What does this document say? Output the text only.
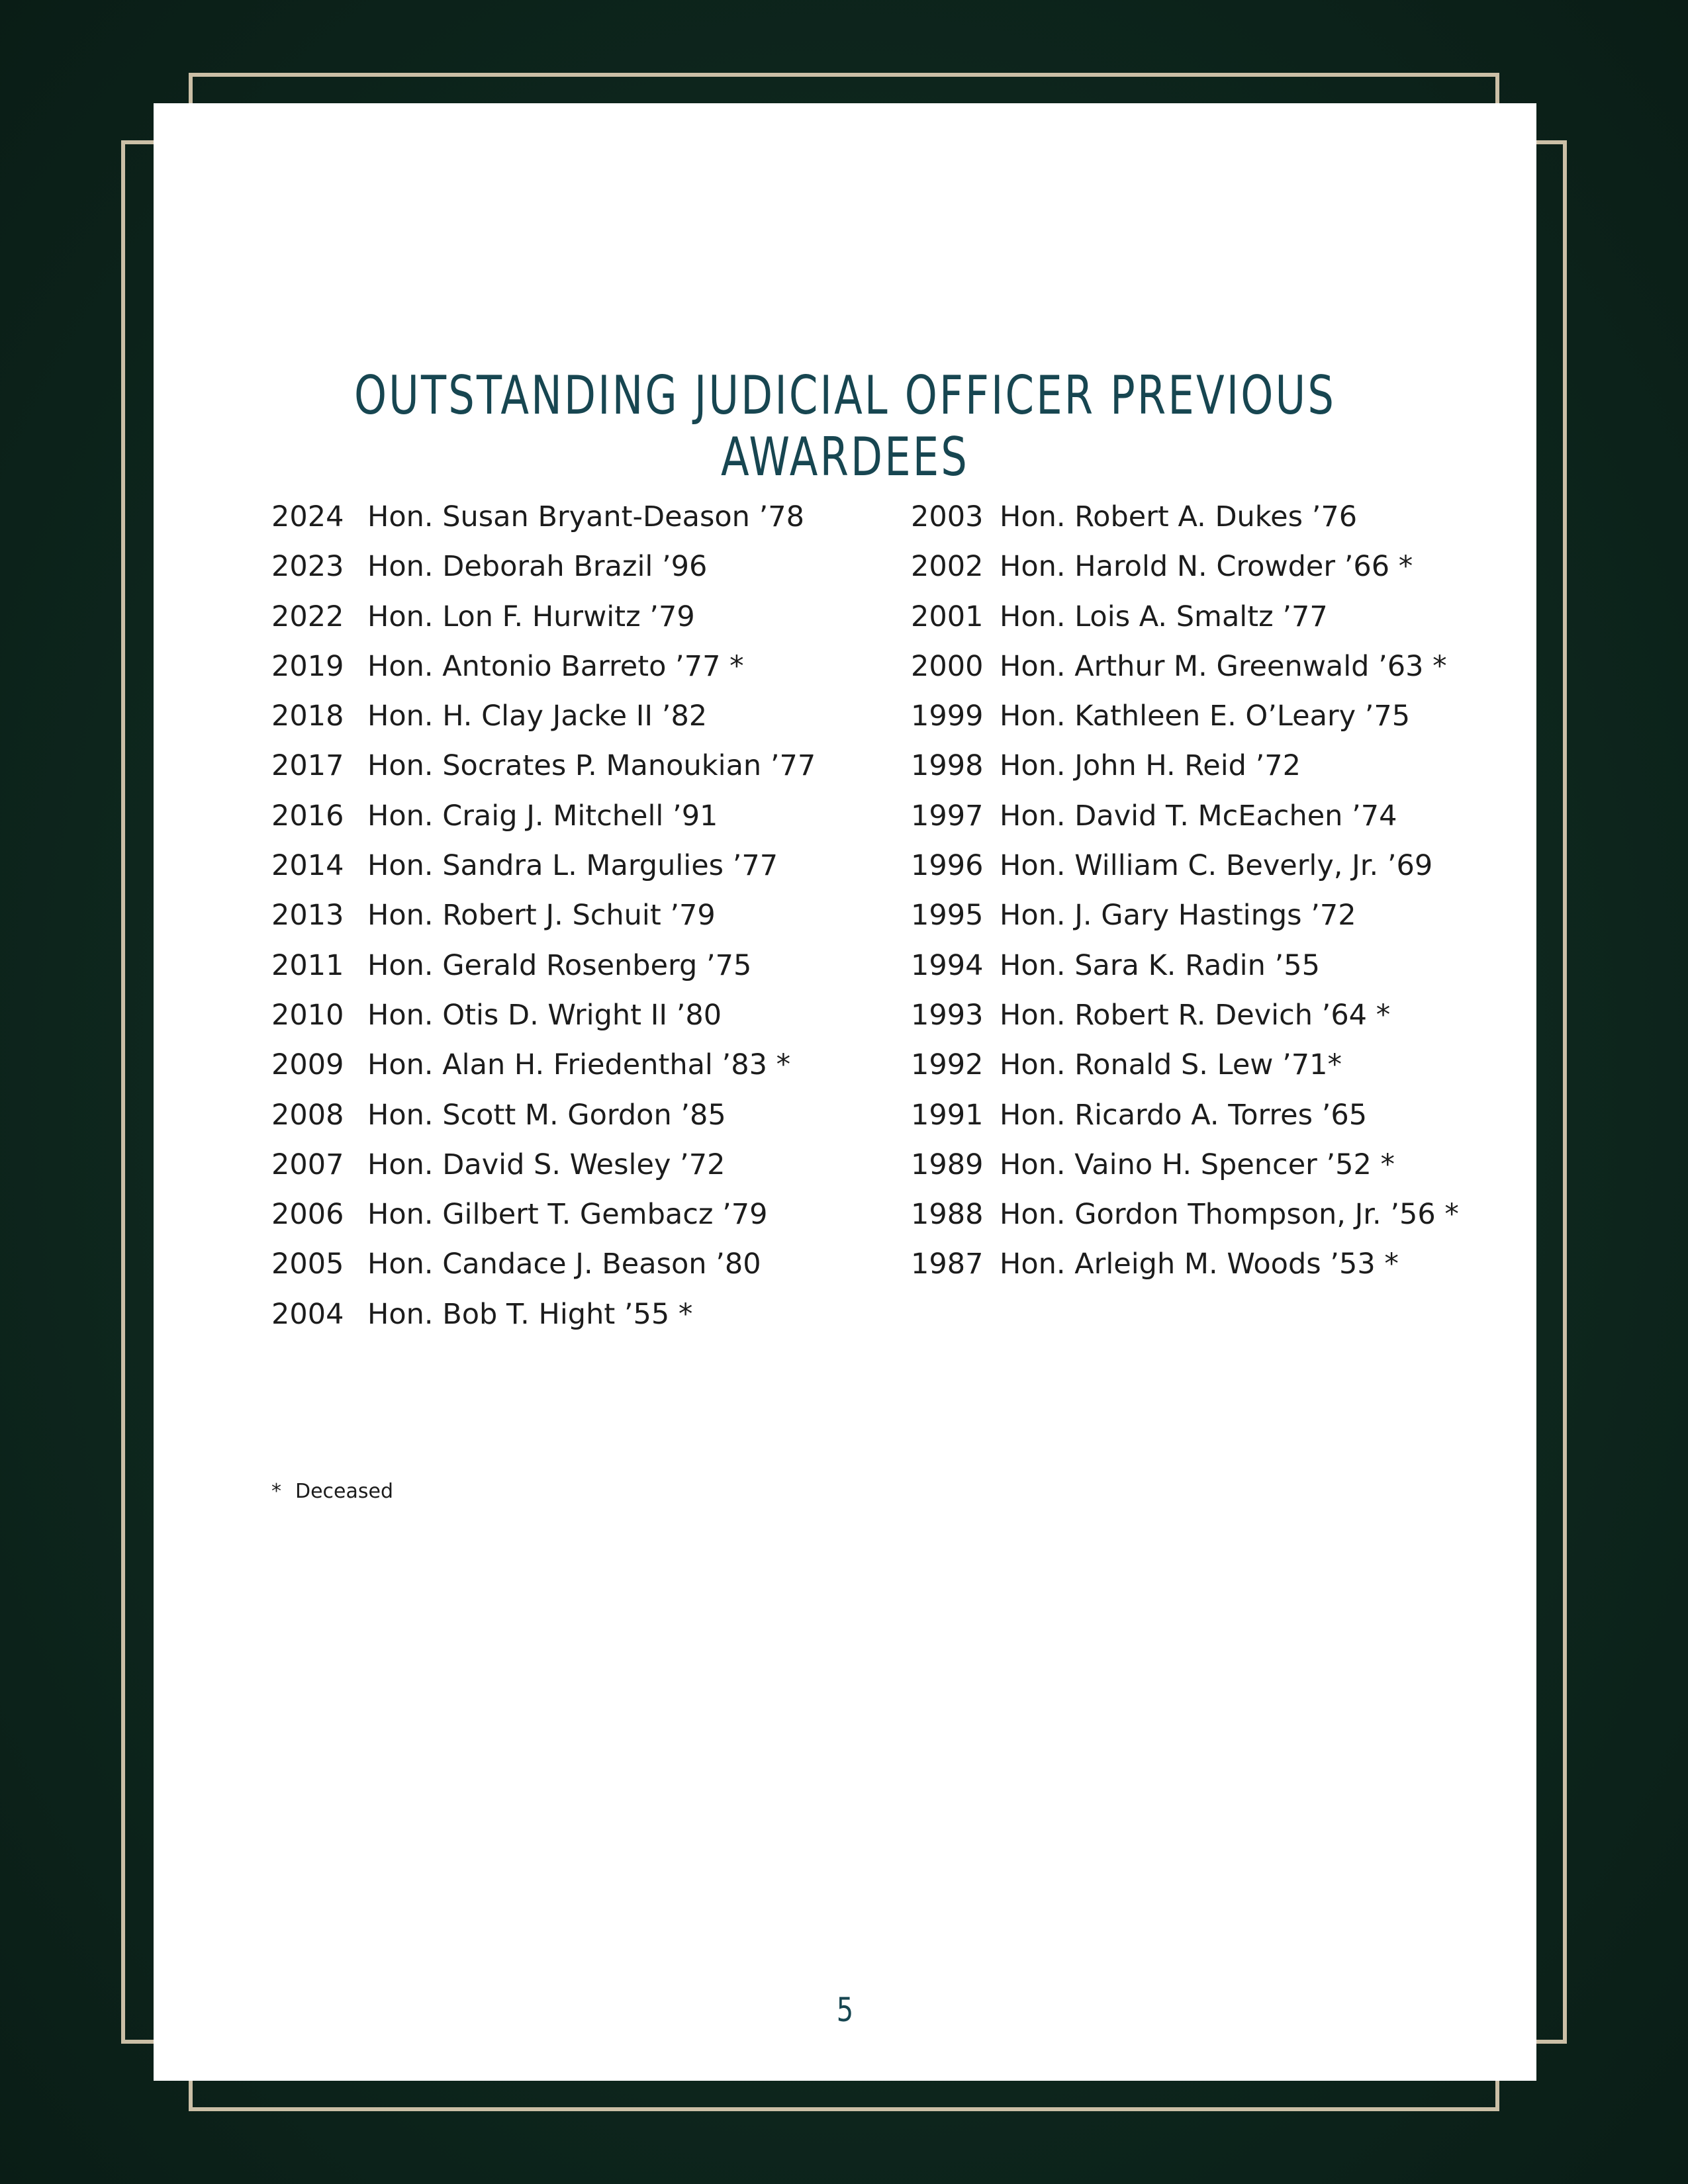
OUTSTANDING JUDICIAL OFFICER PREVIOUS AWARDEES
2024 Hon. Susan Bryant-Deason ’78
2023 Hon. Deborah Brazil ’96
2022 Hon. Lon F. Hurwitz ’79
2019 Hon. Antonio Barreto ’77 *
2018 Hon. H. Clay Jacke II ’82
2017 Hon. Socrates P. Manoukian ’77
2016 Hon. Craig J. Mitchell ’91
2014 Hon. Sandra L. Margulies ’77
2013 Hon. Robert J. Schuit ’79
2011 Hon. Gerald Rosenberg ’75
2010 Hon. Otis D. Wright II ’80
2009 Hon. Alan H. Friedenthal ’83 *
2008 Hon. Scott M. Gordon ’85
2007 Hon. David S. Wesley ’72
2006 Hon. Gilbert T. Gembacz ’79
2005 Hon. Candace J. Beason ’80
2004 Hon. Bob T. Hight ’55 *
2003 Hon. Robert A. Dukes ’76
2002 Hon. Harold N. Crowder ’66 *
2001 Hon. Lois A. Smaltz ’77
2000 Hon. Arthur M. Greenwald ’63 *
1999 Hon. Kathleen E. O’Leary ’75
1998 Hon. John H. Reid ’72
1997 Hon. David T. McEachen ’74
1996 Hon. William C. Beverly, Jr. ’69
1995 Hon. J. Gary Hastings ’72
1994 Hon. Sara K. Radin ’55
1993 Hon. Robert R. Devich ’64 *
1992 Hon. Ronald S. Lew ’71*
1991 Hon. Ricardo A. Torres ’65
1989 Hon. Vaino H. Spencer ’52 *
1988 Hon. Gordon Thompson, Jr. ’56 *
1987 Hon. Arleigh M. Woods ’53 *
* Deceased
5
